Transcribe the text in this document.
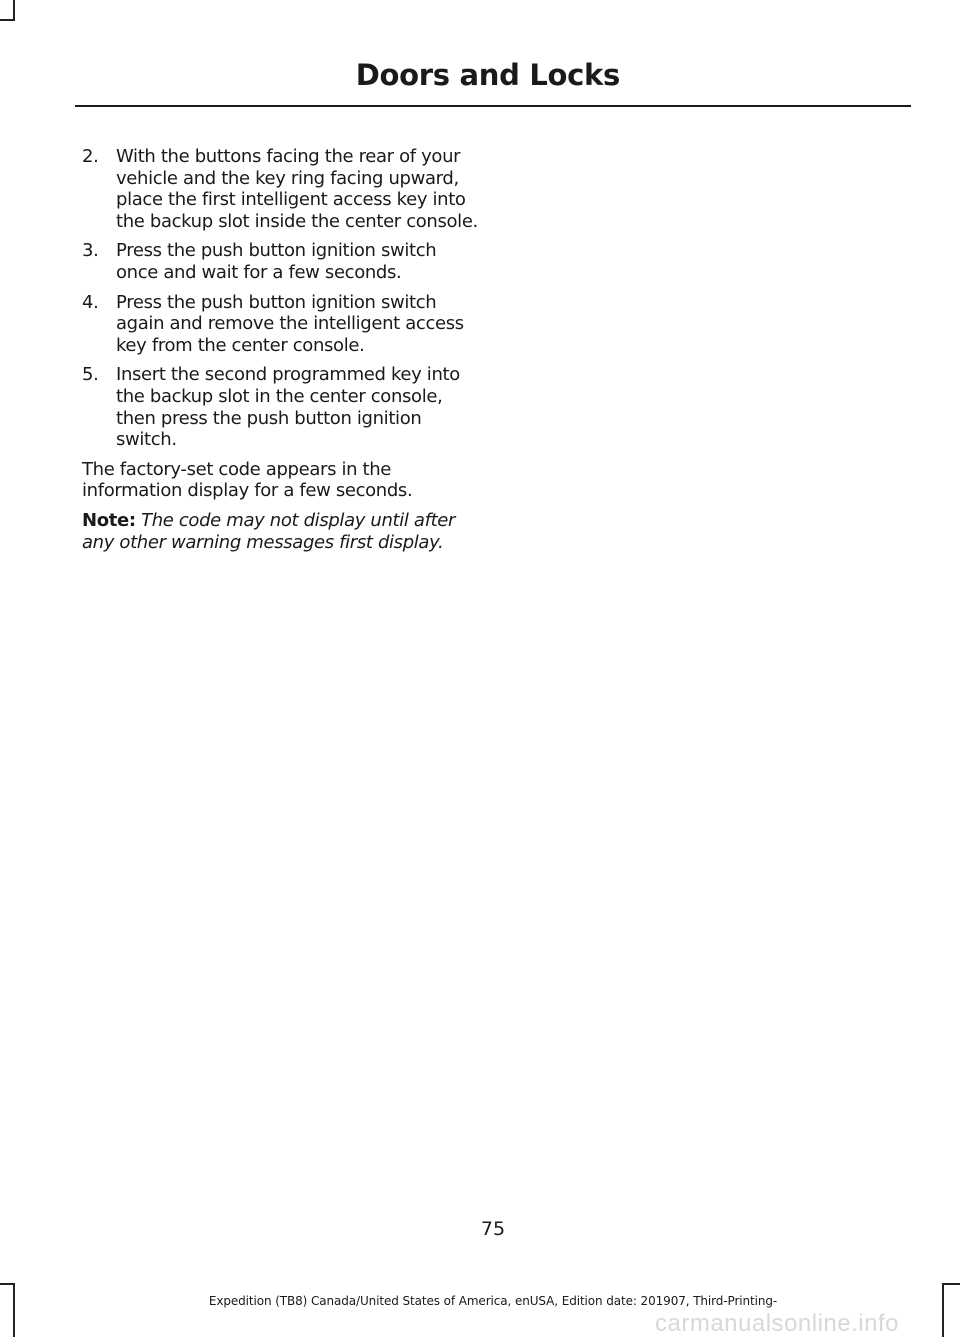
Doors and Locks
2. With the buttons facing the rear of your vehicle and the key ring facing upward, place the first intelligent access key into the backup slot inside the center console.
3. Press the push button ignition switch once and wait for a few seconds.
4. Press the push button ignition switch again and remove the intelligent access key from the center console.
5. Insert the second programmed key into the backup slot in the center console, then press the push button ignition switch.

The factory-set code appears in the information display for a few seconds.

Note: The code may not display until after any other warning messages first display.

75
Expedition (TB8) Canada/United States of America, enUSA, Edition date: 201907, Third-Printing-
carmanualsonline.info
